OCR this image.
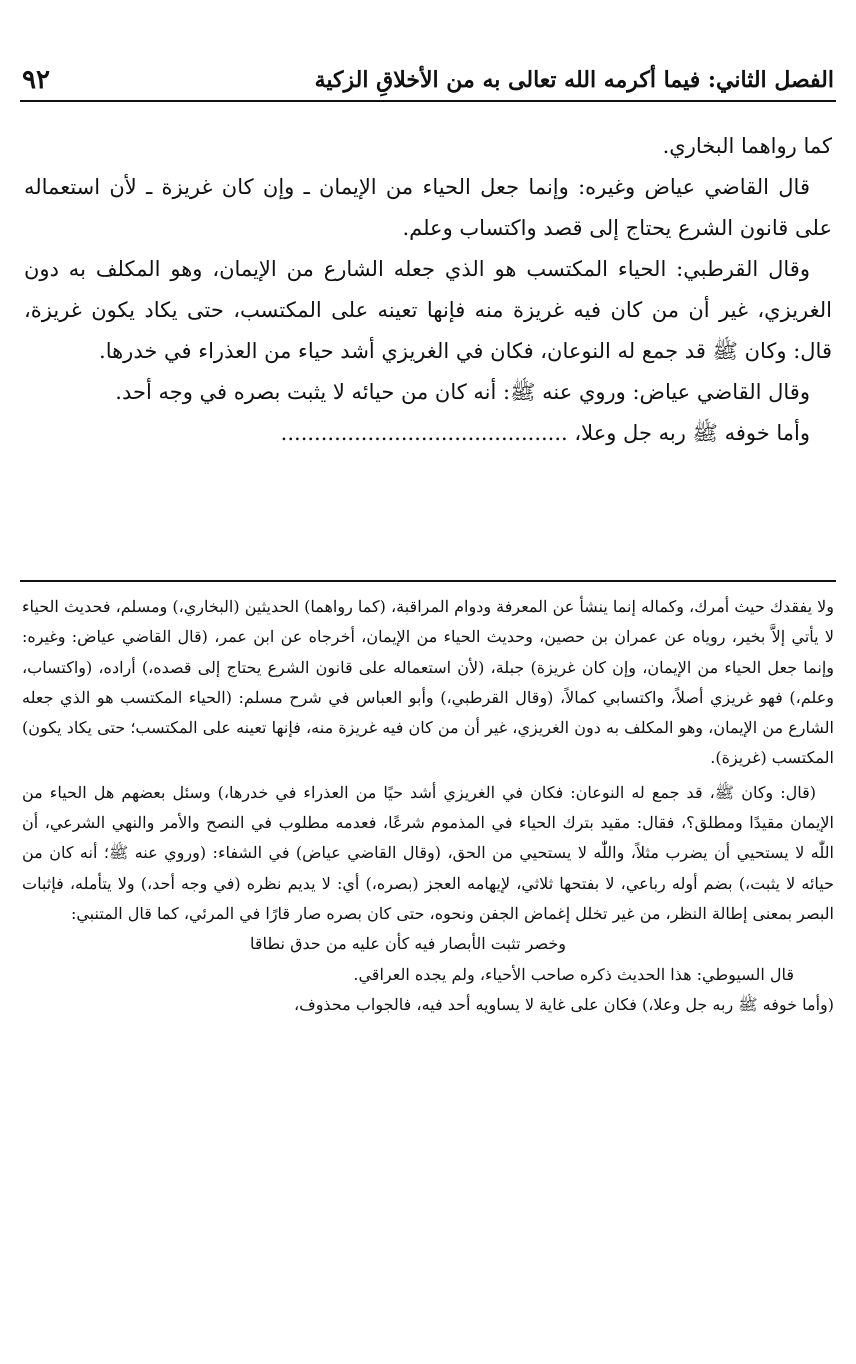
الفصل الثاني: فيما أكرمه الله تعالى به من الأخلاقِ الزكية
٩٢

كما رواهما البخاري.

قال القاضي عياض وغيره: وإنما جعل الحياء من الإيمان ـ وإن كان غريزة ـ لأن استعماله على قانون الشرع يحتاج إلى قصد واكتساب وعلم.

وقال القرطبي: الحياء المكتسب هو الذي جعله الشارع من الإيمان، وهو المكلف به دون الغريزي، غير أن من كان فيه غريزة منه فإنها تعينه على المكتسب، حتى يكاد يكون غريزة، قال: وكان ﷺ قد جمع له النوعان، فكان في الغريزي أشد حياء من العذراء في خدرها.

وقال القاضي عياض: وروي عنه ﷺ: أنه كان من حيائه لا يثبت بصره في وجه أحد.

وأما خوفه ﷺ ربه جل وعلا، ...........................................

ولا يفقدك حيث أمرك، وكماله إنما ينشأ عن المعرفة ودوام المراقبة، (كما رواهما) الحديثين (البخاري،) ومسلم، فحديث الحياء لا يأتي إلاَّ بخير، روياه عن عمران بن حصين، وحديث الحياء من الإيمان، أخرجاه عن ابن عمر، (قال القاضي عياض: وغيره: وإنما جعل الحياء من الإيمان، وإن كان غريزة) جبلة، (لأن استعماله على قانون الشرع يحتاج إلى قصده،) أراده، (واكتساب، وعلم،) فهو غريزي أصلاً، واكتسابي كمالاً، (وقال القرطبي،) وأبو العباس في شرح مسلم: (الحياء المكتسب هو الذي جعله الشارع من الإيمان، وهو المكلف به دون الغريزي، غير أن من كان فيه غريزة منه، فإنها تعينه على المكتسب؛ حتى يكاد يكون) المكتسب (غريزة).

(قال: وكان ﷺ، قد جمع له النوعان: فكان في الغريزي أشد حيًا من العذراء في خدرها،) وسئل بعضهم هل الحياء من الإيمان مقيدًا ومطلق؟، فقال: مقيد بترك الحياء في المذموم شرعًا، فعدمه مطلوب في النصح والأمر والنهي الشرعي، أن اللّٰه لا يستحيي أن يضرب مثلاً، واللّٰه لا يستحيي من الحق، (وقال القاضي عياض) في الشفاء: (وروي عنه ﷺ؛ أنه كان من حيائه لا يثبت،) بضم أوله رباعي، لا بفتحها ثلاثي، لإيهامه العجز (بصره،) أي: لا يديم نظره (في وجه أحد،) ولا يتأمله، فإثبات البصر بمعنى إطالة النظر، من غير تخلل إغماض الجفن ونحوه، حتى كان بصره صار قارًا في المرئي، كما قال المتنبي:

وخصر تثبت الأبصار فيه كأن عليه من حدق نطاقا

قال السيوطي: هذا الحديث ذكره صاحب الأحياء، ولم يجده العراقي.

(وأما خوفه ﷺ ربه جل وعلا،) فكان على غاية لا يساويه أحد فيه، فالجواب محذوف،
